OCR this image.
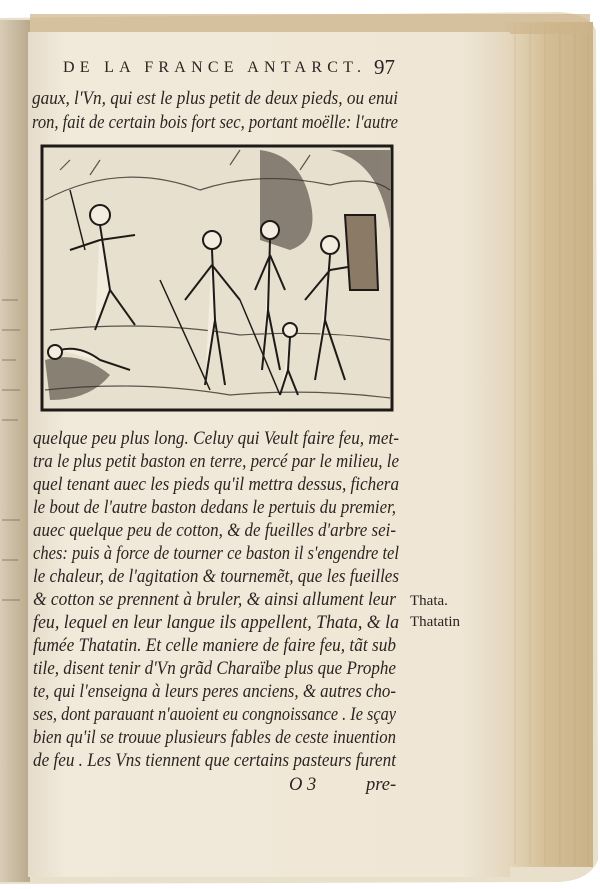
DE LA FRANCE ANTARCT. 97
gaux, l'Vn, qui est le plus petit de deux pieds, ou enui
ron, fait de certain bois fort sec, portant moëlle: l'autre
quelque peu plus long. Celuy qui Veult faire feu, met-
tra le plus petit baston en terre, percé par le milieu, le
quel tenant auec les pieds qu'il mettra dessus, fichera
le bout de l'autre baston dedans le pertuis du premier,
auec quelque peu de cotton, & de fueilles d'arbre sei-
ches: puis à force de tourner ce baston il s'engendre tel
le chaleur, de l'agitation & tournemẽt, que les fueilles
& cotton se prennent à bruler, & ainsi allument leur
feu, lequel en leur langue ils appellent, Thata, & la
fumée Thatatin. Et celle maniere de faire feu, tãt sub
tile, disent tenir d'Vn grãd Charaïbe plus que Prophe
te, qui l'enseigna à leurs peres anciens, & autres cho-
ses, dont parauant n'auoient eu congnoissance . Ie sçay
bien qu'il se trouue plusieurs fables de ceste inuention
de feu . Les Vns tiennent que certains pasteurs furent
O 3	pre-
Thata.
Thatatin
